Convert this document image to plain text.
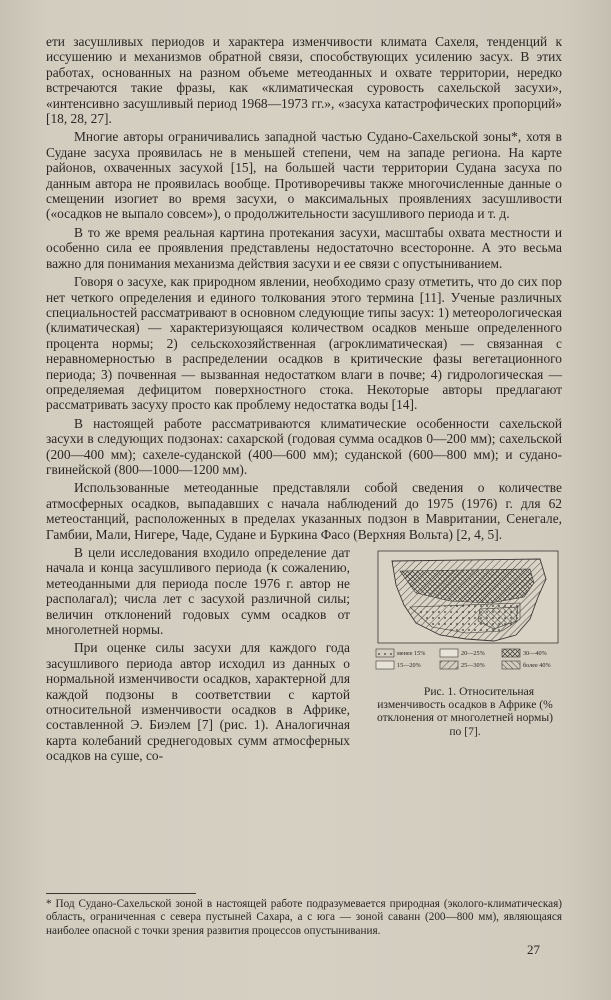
ети засушливых периодов и характера изменчивости климата Сахеля, тенденций к иссушению и механизмов обратной связи, способствующих усилению засух. В этих работах, основанных на разном объеме метеоданных и охвате территории, нередко встречаются такие фразы, как «климатическая суровость сахельской засухи», «интенсивно засушливый период 1968—1973 гг.», «засуха катастрофических пропорций» [18, 28, 27].

Многие авторы ограничивались западной частью Судано-Сахельской зоны*, хотя в Судане засуха проявилась не в меньшей степени, чем на западе региона. На карте районов, охваченных засухой [15], на большей части территории Судана засуха по данным автора не проявилась вообще. Противоречивы также многочисленные данные о смещении изогиет во время засухи, о максимальных проявлениях засушливости («осадков не выпало совсем»), о продолжительности засушливого периода и т. д.

В то же время реальная картина протекания засухи, масштабы охвата местности и особенно сила ее проявления представлены недостаточно всесторонне. А это весьма важно для понимания механизма действия засухи и ее связи с опустыниванием.

Говоря о засухе, как природном явлении, необходимо сразу отметить, что до сих пор нет четкого определения и единого толкования этого термина [11]. Ученые различных специальностей рассматривают в основном следующие типы засух: 1) метеорологическая (климатическая) — характеризующаяся количеством осадков меньше определенного процента нормы; 2) сельскохозяйственная (агроклиматическая) — связанная с неравномерностью в распределении осадков в критические фазы вегетационного периода; 3) почвенная — вызванная недостатком влаги в почве; 4) гидрологическая — определяемая дефицитом поверхностного стока. Некоторые авторы предлагают рассматривать засуху просто как проблему недостатка воды [14].

В настоящей работе рассматриваются климатические особенности сахельской засухи в следующих подзонах: сахарской (годовая сумма осадков 0—200 мм); сахельской (200—400 мм); сахеле-суданской (400—600 мм); суданской (600—800 мм); и судано-гвинейской (800—1000—1200 мм).

Использованные метеоданные представляли собой сведения о количестве атмосферных осадков, выпадавших с начала наблюдений до 1975 (1976) г. для 62 метеостанций, расположенных в пределах указанных подзон в Мавритании, Сенегале, Гамбии, Мали, Нигере, Чаде, Судане и Буркина Фасо (Верхняя Вольта) [2, 4, 5].

менее 15%
15—20%
20—25%
25—30%
30—40%
более 40%
Рис. 1. Относительная изменчивость осадков в Африке (% отклонения от многолетней нормы) по [7].
В цели исследования входило определение дат начала и конца засушливого периода (к сожалению, метеоданными для периода после 1976 г. автор не располагал); числа лет с засухой различной силы; величин отклонений годовых сумм осадков от многолетней нормы.

При оценке силы засухи для каждого года засушливого периода автор исходил из данных о нормальной изменчивости осадков, характерной для каждой подзоны в соответствии с картой относительной изменчивости осадков в Африке, составленной Э. Биэлем [7] (рис. 1). Аналогичная карта колебаний среднегодовых сумм атмосферных осадков на суше, со-

* Под Судано-Сахельской зоной в настоящей работе подразумевается природная (эколого-климатическая) область, ограниченная с севера пустыней Сахара, а с юга — зоной саванн (200—800 мм), являющаяся наиболее опасной с точки зрения развития процессов опустынивания.
27
